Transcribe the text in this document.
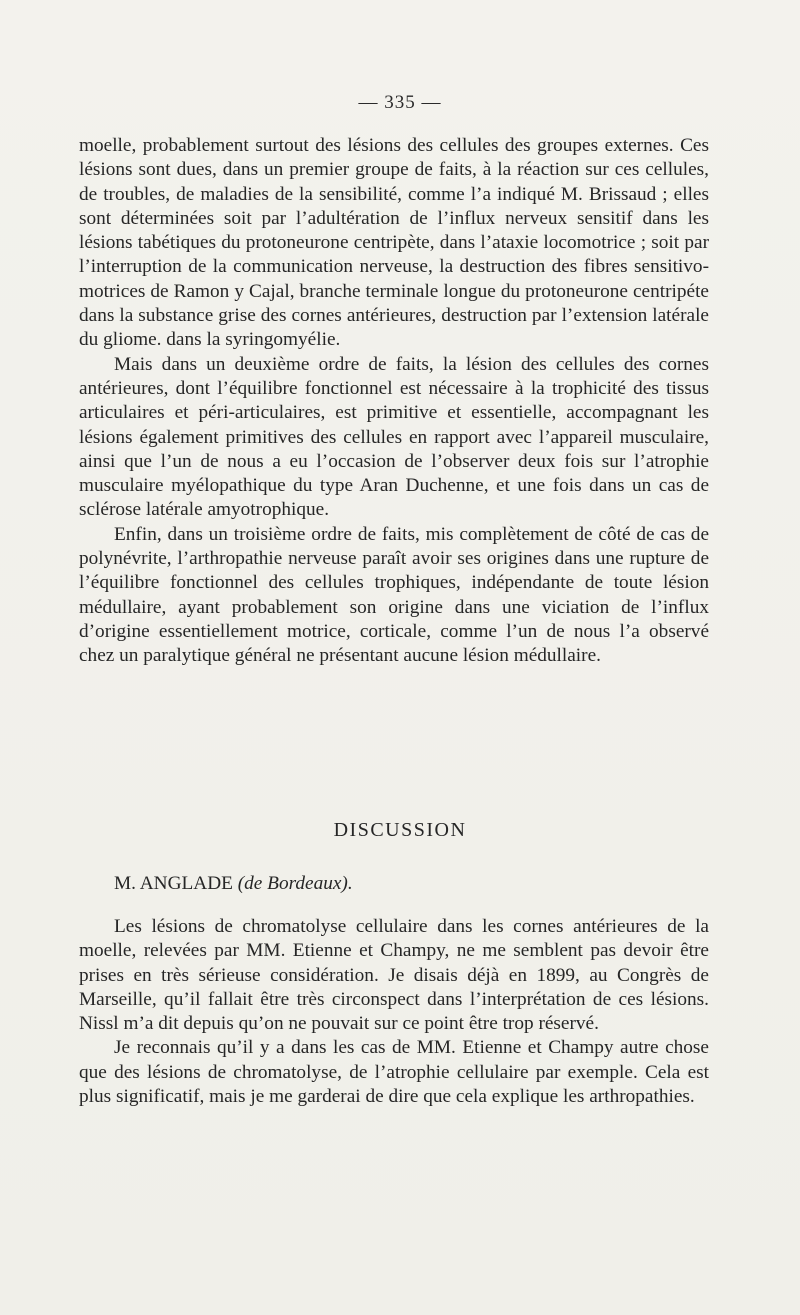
— 335 —

moelle, probablement surtout des lésions des cellules des groupes externes. Ces lésions sont dues, dans un premier groupe de faits, à la réaction sur ces cellules, de troubles, de maladies de la sensibilité, comme l’a indiqué M. Brissaud ; elles sont déterminées soit par l’adultération de l’influx nerveux sensitif dans les lésions tabétiques du protoneurone centripète, dans l’ataxie locomotrice ; soit par l’interruption de la communication nerveuse, la destruction des fibres sensitivo-motrices de Ramon y Cajal, branche terminale longue du protoneurone centripéte dans la substance grise des cornes antérieures, destruction par l’extension latérale du gliome. dans la syringomyélie.

Mais dans un deuxième ordre de faits, la lésion des cellules des cornes antérieures, dont l’équilibre fonctionnel est nécessaire à la trophicité des tissus articulaires et péri-articulaires, est primitive et essentielle, accompagnant les lésions également primitives des cellules en rapport avec l’appareil musculaire, ainsi que l’un de nous a eu l’occasion de l’observer deux fois sur l’atrophie musculaire myélopathique du type Aran Duchenne, et une fois dans un cas de sclérose latérale amyotrophique.

Enfin, dans un troisième ordre de faits, mis complètement de côté de cas de polynévrite, l’arthropathie nerveuse paraît avoir ses origines dans une rupture de l’équilibre fonctionnel des cellules trophiques, indépendante de toute lésion médullaire, ayant probablement son origine dans une viciation de l’influx d’origine essentiellement motrice, corticale, comme l’un de nous l’a observé chez un paralytique général ne présentant aucune lésion médullaire.

DISCUSSION
M. ANGLADE (de Bordeaux).

Les lésions de chromatolyse cellulaire dans les cornes antérieures de la moelle, relevées par MM. Etienne et Champy, ne me semblent pas devoir être prises en très sérieuse considération. Je disais déjà en 1899, au Congrès de Marseille, qu’il fallait être très circonspect dans l’interprétation de ces lésions. Nissl m’a dit depuis qu’on ne pouvait sur ce point être trop réservé.

Je reconnais qu’il y a dans les cas de MM. Etienne et Champy autre chose que des lésions de chromatolyse, de l’atrophie cellulaire par exemple. Cela est plus significatif, mais je me garderai de dire que cela explique les arthropathies.
